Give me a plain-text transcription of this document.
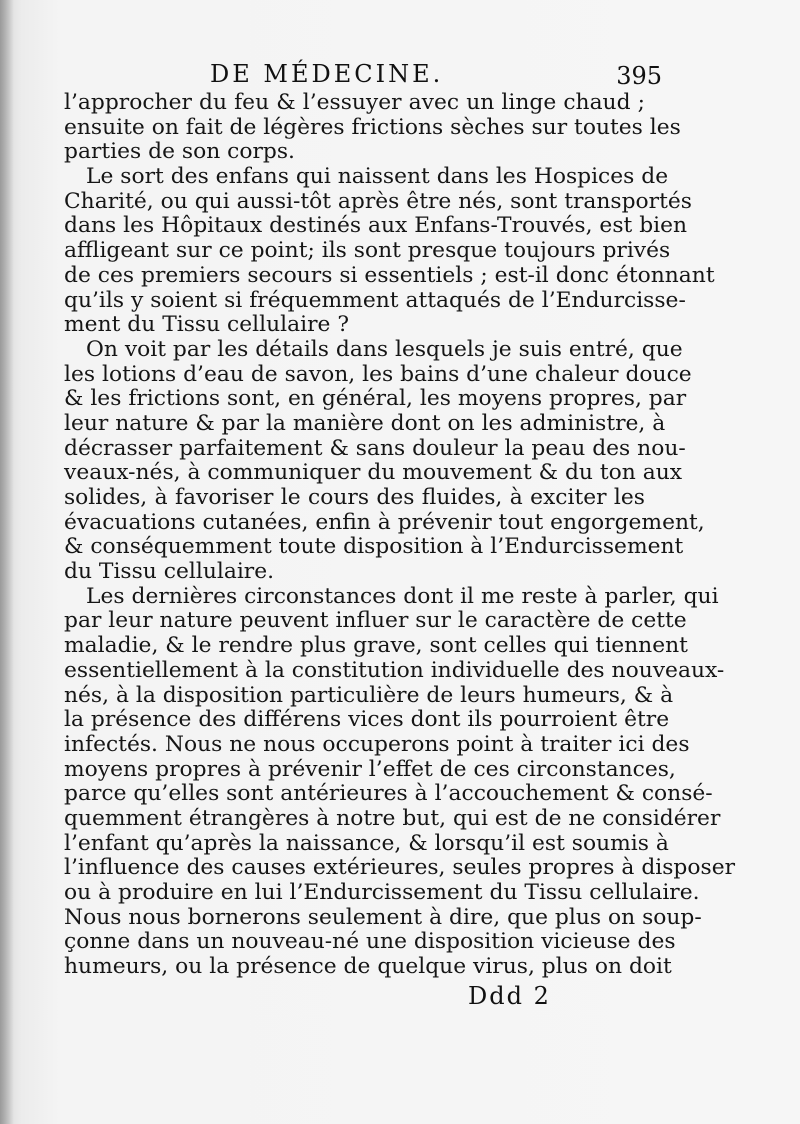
DE MÉDECINE.	395
l’approcher du feu & l’essuyer avec un linge chaud ;
ensuite on fait de légères frictions sèches sur toutes les
parties de son corps.
Le sort des enfans qui naissent dans les Hospices de
Charité, ou qui aussi-tôt après être nés, sont transportés
dans les Hôpitaux destinés aux Enfans-Trouvés, est bien
affligeant sur ce point; ils sont presque toujours privés
de ces premiers secours si essentiels ; est-il donc étonnant
qu’ils y soient si fréquemment attaqués de l’Endurcisse-
ment du Tissu cellulaire ?
On voit par les détails dans lesquels je suis entré, que
les lotions d’eau de savon, les bains d’une chaleur douce
& les frictions sont, en général, les moyens propres, par
leur nature & par la manière dont on les administre, à
décrasser parfaitement & sans douleur la peau des nou-
veaux-nés, à communiquer du mouvement & du ton aux
solides, à favoriser le cours des fluides, à exciter les
évacuations cutanées, enfin à prévenir tout engorgement,
& conséquemment toute disposition à l’Endurcissement
du Tissu cellulaire.
Les dernières circonstances dont il me reste à parler, qui
par leur nature peuvent influer sur le caractère de cette
maladie, & le rendre plus grave, sont celles qui tiennent
essentiellement à la constitution individuelle des nouveaux-
nés, à la disposition particulière de leurs humeurs, & à
la présence des différens vices dont ils pourroient être
infectés. Nous ne nous occuperons point à traiter ici des
moyens propres à prévenir l’effet de ces circonstances,
parce qu’elles sont antérieures à l’accouchement & consé-
quemment étrangères à notre but, qui est de ne considérer
l’enfant qu’après la naissance, & lorsqu’il est soumis à
l’influence des causes extérieures, seules propres à disposer
ou à produire en lui l’Endurcissement du Tissu cellulaire.
Nous nous bornerons seulement à dire, que plus on soup-
çonne dans un nouveau-né une disposition vicieuse des
humeurs, ou la présence de quelque virus, plus on doit
Ddd 2
